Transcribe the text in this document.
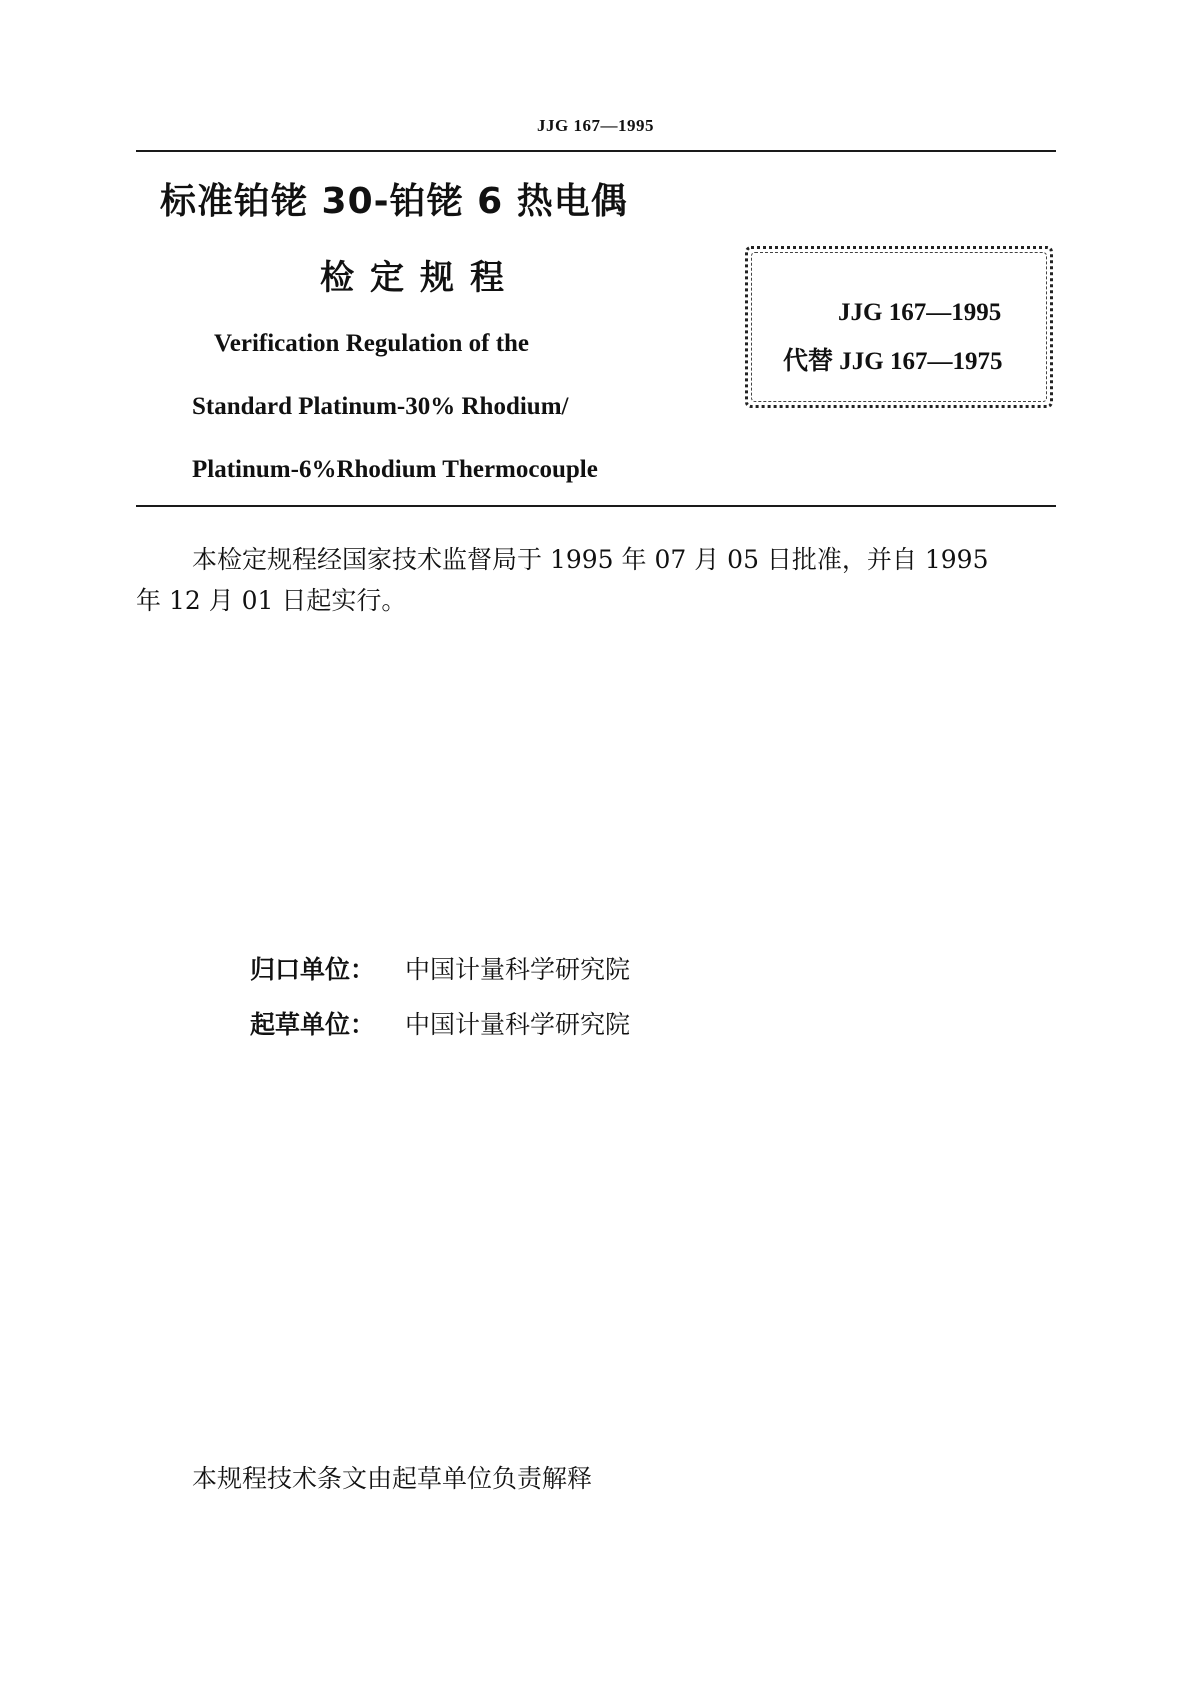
JJG 167—1995
标准铂铑 30-铂铑 6 热电偶
检定规程
Verification Regulation of the
Standard Platinum-30% Rhodium/
Platinum-6%Rhodium Thermocouple
JJG 167—1995
代替 JJG 167—1975
本检定规程经国家技术监督局于 1995 年 07 月 05 日批准，并自 1995
年 12 月 01 日起实行。
归口单位： 中国计量科学研究院
起草单位： 中国计量科学研究院
本规程技术条文由起草单位负责解释
